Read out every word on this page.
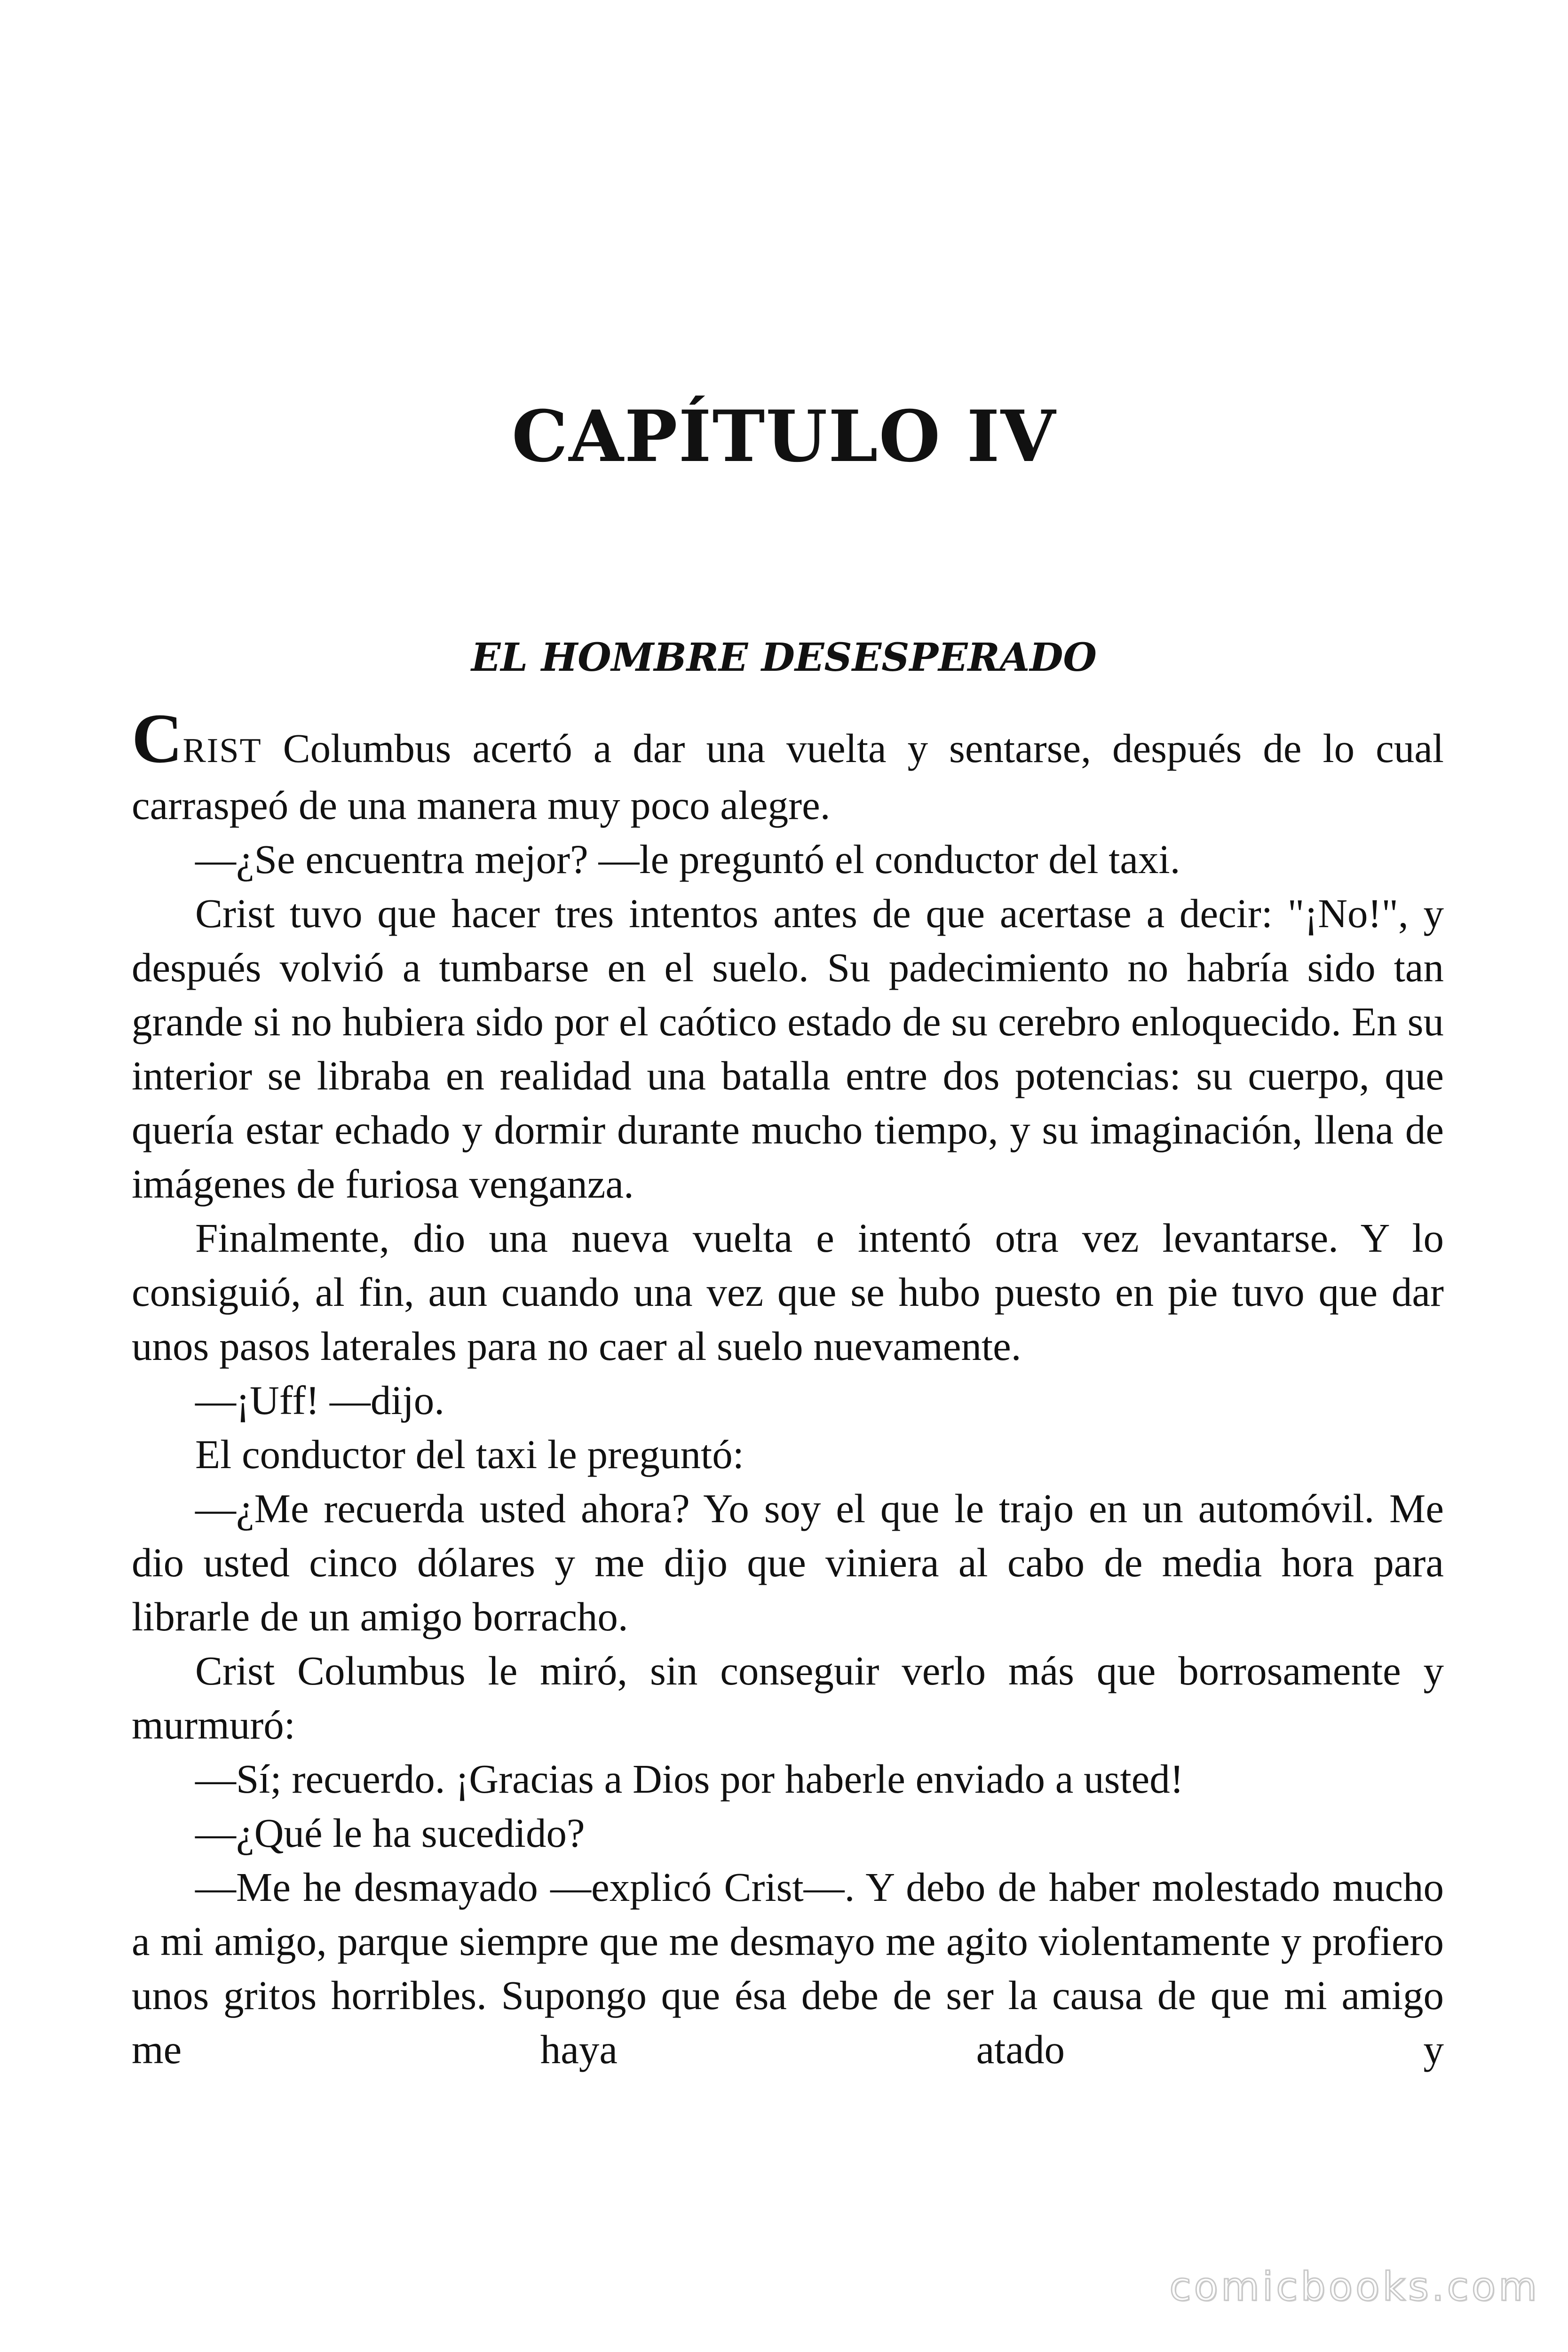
CAPÍTULO IV
EL HOMBRE DESESPERADO

CRIST Columbus acertó a dar una vuelta y sentarse, después de lo cual carraspeó de una manera muy poco alegre.

—¿Se encuentra mejor? —le preguntó el conductor del taxi.

Crist tuvo que hacer tres intentos antes de que acertase a decir: "¡No!", y después volvió a tumbarse en el suelo. Su padecimiento no habría sido tan grande si no hubiera sido por el caótico estado de su cerebro enloquecido. En su interior se libraba en realidad una batalla entre dos potencias: su cuerpo, que quería estar echado y dormir durante mucho tiempo, y su imaginación, llena de imágenes de furiosa venganza.

Finalmente, dio una nueva vuelta e intentó otra vez levantarse. Y lo consiguió, al fin, aun cuando una vez que se hubo puesto en pie tuvo que dar unos pasos laterales para no caer al suelo nuevamente.

—¡Uff! —dijo.

El conductor del taxi le preguntó:

—¿Me recuerda usted ahora? Yo soy el que le trajo en un automóvil. Me dio usted cinco dólares y me dijo que viniera al cabo de media hora para librarle de un amigo borracho.

Crist Columbus le miró, sin conseguir verlo más que borrosamente y murmuró:

—Sí; recuerdo. ¡Gracias a Dios por haberle enviado a usted!

—¿Qué le ha sucedido?

—Me he desmayado —explicó Crist—. Y debo de haber molestado mucho a mi amigo, parque siempre que me desmayo me agito violentamente y profiero unos gritos horribles. Supongo que ésa debe de ser la causa de que mi amigo me haya atado y

comicbooks.com
